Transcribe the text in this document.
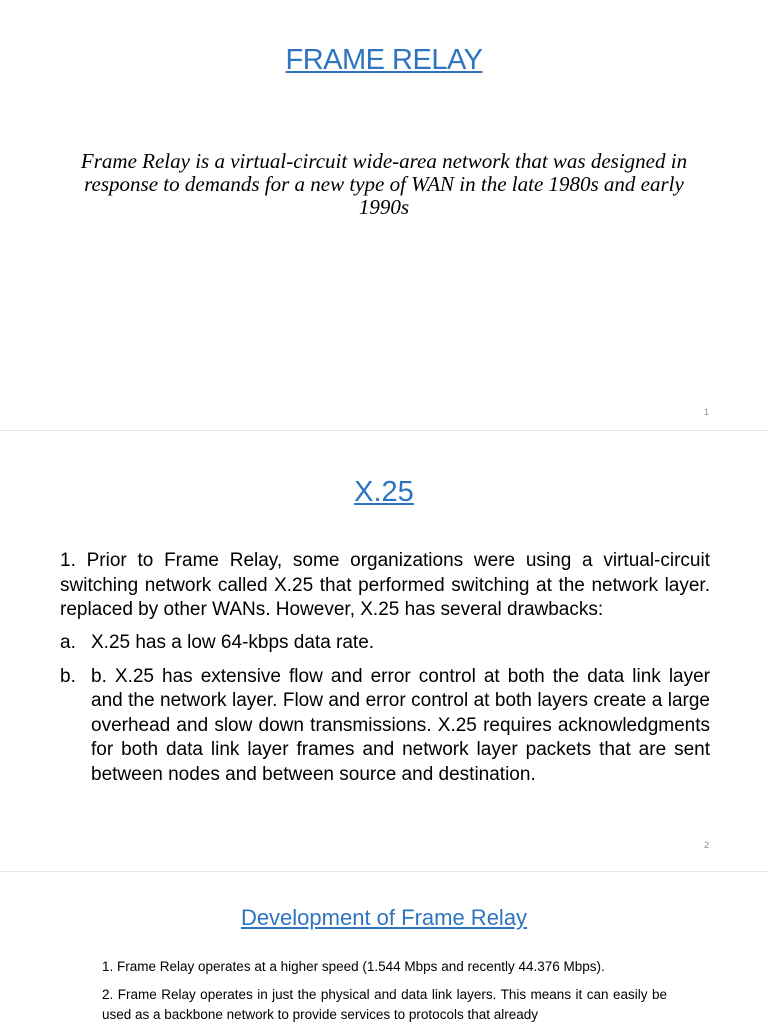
FRAME RELAY
Frame Relay is a virtual-circuit wide-area network that was designed in response to demands for a new type of WAN in the late 1980s and early 1990s
1
X.25
1. Prior to Frame Relay, some organizations were using a virtual-circuit switching network called X.25 that performed switching at the network layer. replaced by other WANs. However, X.25 has several drawbacks:
a. X.25 has a low 64-kbps data rate.
b. b. X.25 has extensive flow and error control at both the data link layer and the network layer. Flow and error control at both layers create a large overhead and slow down transmissions. X.25 requires acknowledgments for both data link layer frames and network layer packets that are sent between nodes and between source and destination.
2
Development of Frame Relay
1. Frame Relay operates at a higher speed (1.544 Mbps and recently 44.376 Mbps).
2. Frame Relay operates in just the physical and data link layers. This means it can easily be used as a backbone network to provide services to protocols that already
